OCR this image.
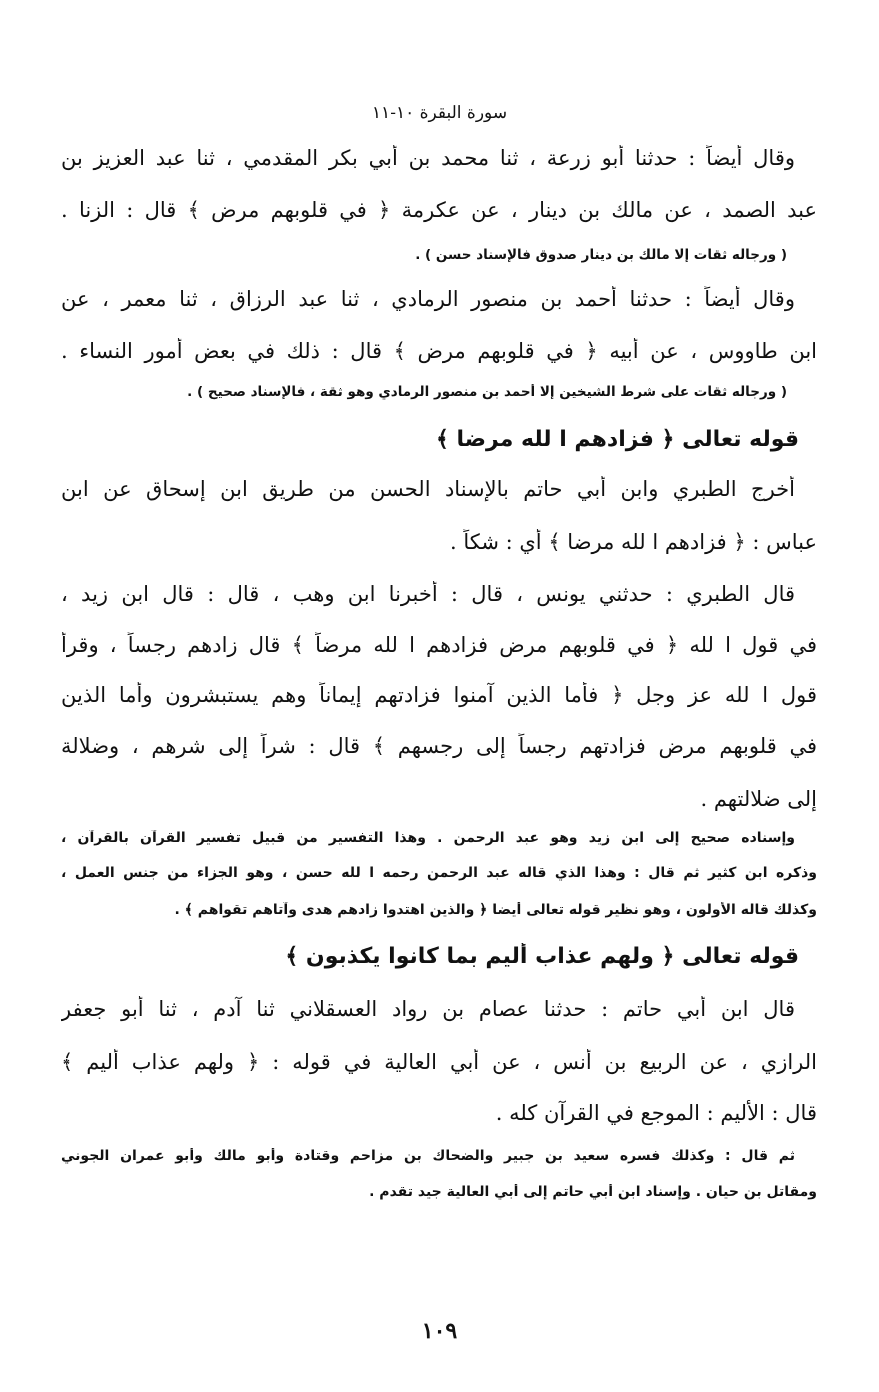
سورة البقرة ١٠-١١
وقال أيضاً : حدثنا أبو زرعة ، ثنا محمد بن أبي بكر المقدمي ، ثنا عبد العزيز بن
عبد الصمد ، عن مالك بن دينار ، عن عكرمة ﴿ في قلوبهم مرض ﴾ قال : الزنا .
( ورجاله ثقات إلا مالك بن دينار صدوق فالإسناد حسن ) .
وقال أيضاً : حدثنا أحمد بن منصور الرمادي ، ثنا عبد الرزاق ، ثنا معمر ، عن
ابن طاووس ، عن أبيه ﴿ في قلوبهم مرض ﴾ قال : ذلك في بعض أمور النساء .
( ورجاله ثقات على شرط الشيخين إلا أحمد بن منصور الرمادي وهو ثقة ، فالإسناد صحيح ) .
قوله تعالى ﴿ فزادهم ا لله مرضا ﴾
أخرج الطبري وابن أبي حاتم بالإسناد الحسن من طريق ابن إسحاق عن ابن
عباس : ﴿ فزادهم ا لله مرضا ﴾ أي : شكاً .
قال الطبري : حدثني يونس ، قال : أخبرنا ابن وهب ، قال : قال ابن زيد ،
في قول ا لله ﴿ في قلوبهم مرض فزادهم ا لله مرضاً ﴾ قال زادهم رجساً ، وقرأ
قول ا لله عز وجل ﴿ فأما الذين آمنوا فزادتهم إيماناً وهم يستبشرون وأما الذين
في قلوبهم مرض فزادتهم رجساً إلى رجسهم ﴾ قال : شراً إلى شرهم ، وضلالة
إلى ضلالتهم .
وإسناده صحيح إلى ابن زيد وهو عبد الرحمن . وهذا التفسير من قبيل تفسير القرآن بالقرآن ،
وذكره ابن كثير ثم قال : وهذا الذي قاله عبد الرحمن رحمه ا لله حسن ، وهو الجزاء من جنس العمل ،
وكذلك قاله الأولون ، وهو نظير قوله تعالى أيضا ﴿ والذين اهتدوا زادهم هدى وآتاهم تقواهم ﴾ .
قوله تعالى ﴿ ولهم عذاب أليم بما كانوا يكذبون ﴾
قال ابن أبي حاتم : حدثنا عصام بن رواد العسقلاني ثنا آدم ، ثنا أبو جعفر
الرازي ، عن الربيع بن أنس ، عن أبي العالية في قوله : ﴿ ولهم عذاب أليم ﴾
قال : الأليم : الموجع في القرآن كله .
ثم قال : وكذلك فسره سعيد بن جبير والضحاك بن مزاحم وقتادة وأبو مالك وأبو عمران الجوني
ومقاتل بن حيان . وإسناد ابن أبي حاتم إلى أبي العالية جيد تقدم .
١٠٩
